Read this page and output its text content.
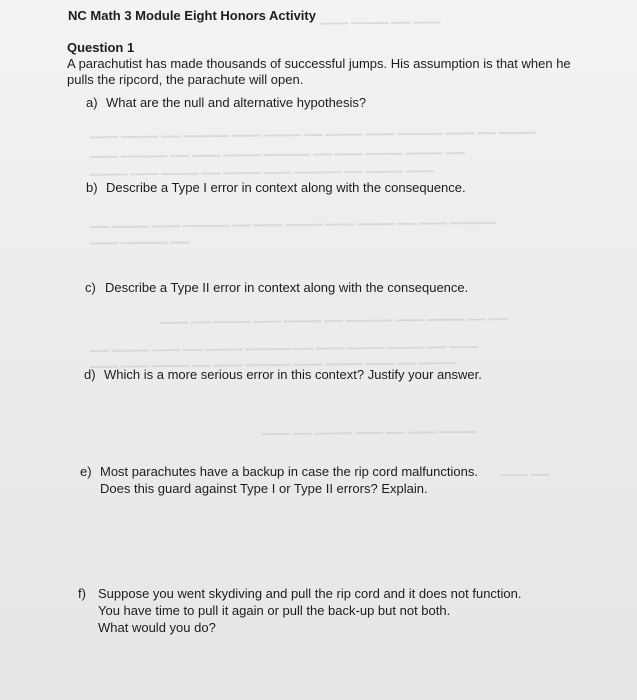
▁▁▁ ▁▁▁▁ ▁▁ ▁▁▁
▁▁▁ ▁▁▁▁ ▁▁ ▁▁▁▁▁ ▁▁▁ ▁▁▁▁ ▁▁ ▁▁▁▁ ▁▁▁ ▁▁▁▁▁ ▁▁▁ ▁▁ ▁▁▁▁
▁▁▁ ▁▁▁▁▁ ▁▁ ▁▁▁ ▁▁▁▁ ▁▁▁▁▁ ▁▁ ▁▁▁ ▁▁▁▁ ▁▁▁▁ ▁▁
▁▁▁▁ ▁▁▁ ▁▁▁▁ ▁▁ ▁▁▁▁ ▁▁▁ ▁▁▁▁▁ ▁▁ ▁▁▁▁ ▁▁▁
▁▁ ▁▁▁▁ ▁▁▁ ▁▁▁▁▁ ▁▁ ▁▁▁ ▁▁▁▁ ▁▁▁ ▁▁▁▁ ▁▁ ▁▁▁ ▁▁▁▁▁
▁▁▁ ▁▁▁▁▁ ▁▁
▁▁▁ ▁▁ ▁▁▁▁ ▁▁▁ ▁▁▁▁ ▁▁ ▁▁▁▁▁ ▁▁▁ ▁▁▁▁ ▁▁ ▁▁
▁▁ ▁▁▁▁ ▁▁▁ ▁▁ ▁▁▁▁ ▁▁▁▁▁ ▁▁ ▁▁▁ ▁▁▁▁ ▁▁▁▁ ▁▁ ▁▁▁
▁▁▁ ▁▁▁ ▁▁▁▁ ▁▁ ▁▁▁ ▁▁▁▁▁ ▁▁▁ ▁▁▁▁ ▁▁▁ ▁▁ ▁▁▁▁
▁▁▁ ▁▁ ▁▁▁▁ ▁▁▁ ▁▁ ▁▁▁ ▁▁▁▁
▁▁▁ ▁▁
NC Math 3 Module Eight Honors Activity
Question 1
A parachutist has made thousands of successful jumps. His assumption is that when he pulls the ripcord, the parachute will open.
a) What are the null and alternative hypothesis?
b) Describe a Type I error in context along with the consequence.
c) Describe a Type II error in context along with the consequence.
d) Which is a more serious error in this context? Justify your answer.
e) Most parachutes have a backup in case the rip cord malfunctions.
Does this guard against Type I or Type II errors? Explain.
f) Suppose you went skydiving and pull the rip cord and it does not function.
You have time to pull it again or pull the back-up but not both.
What would you do?
